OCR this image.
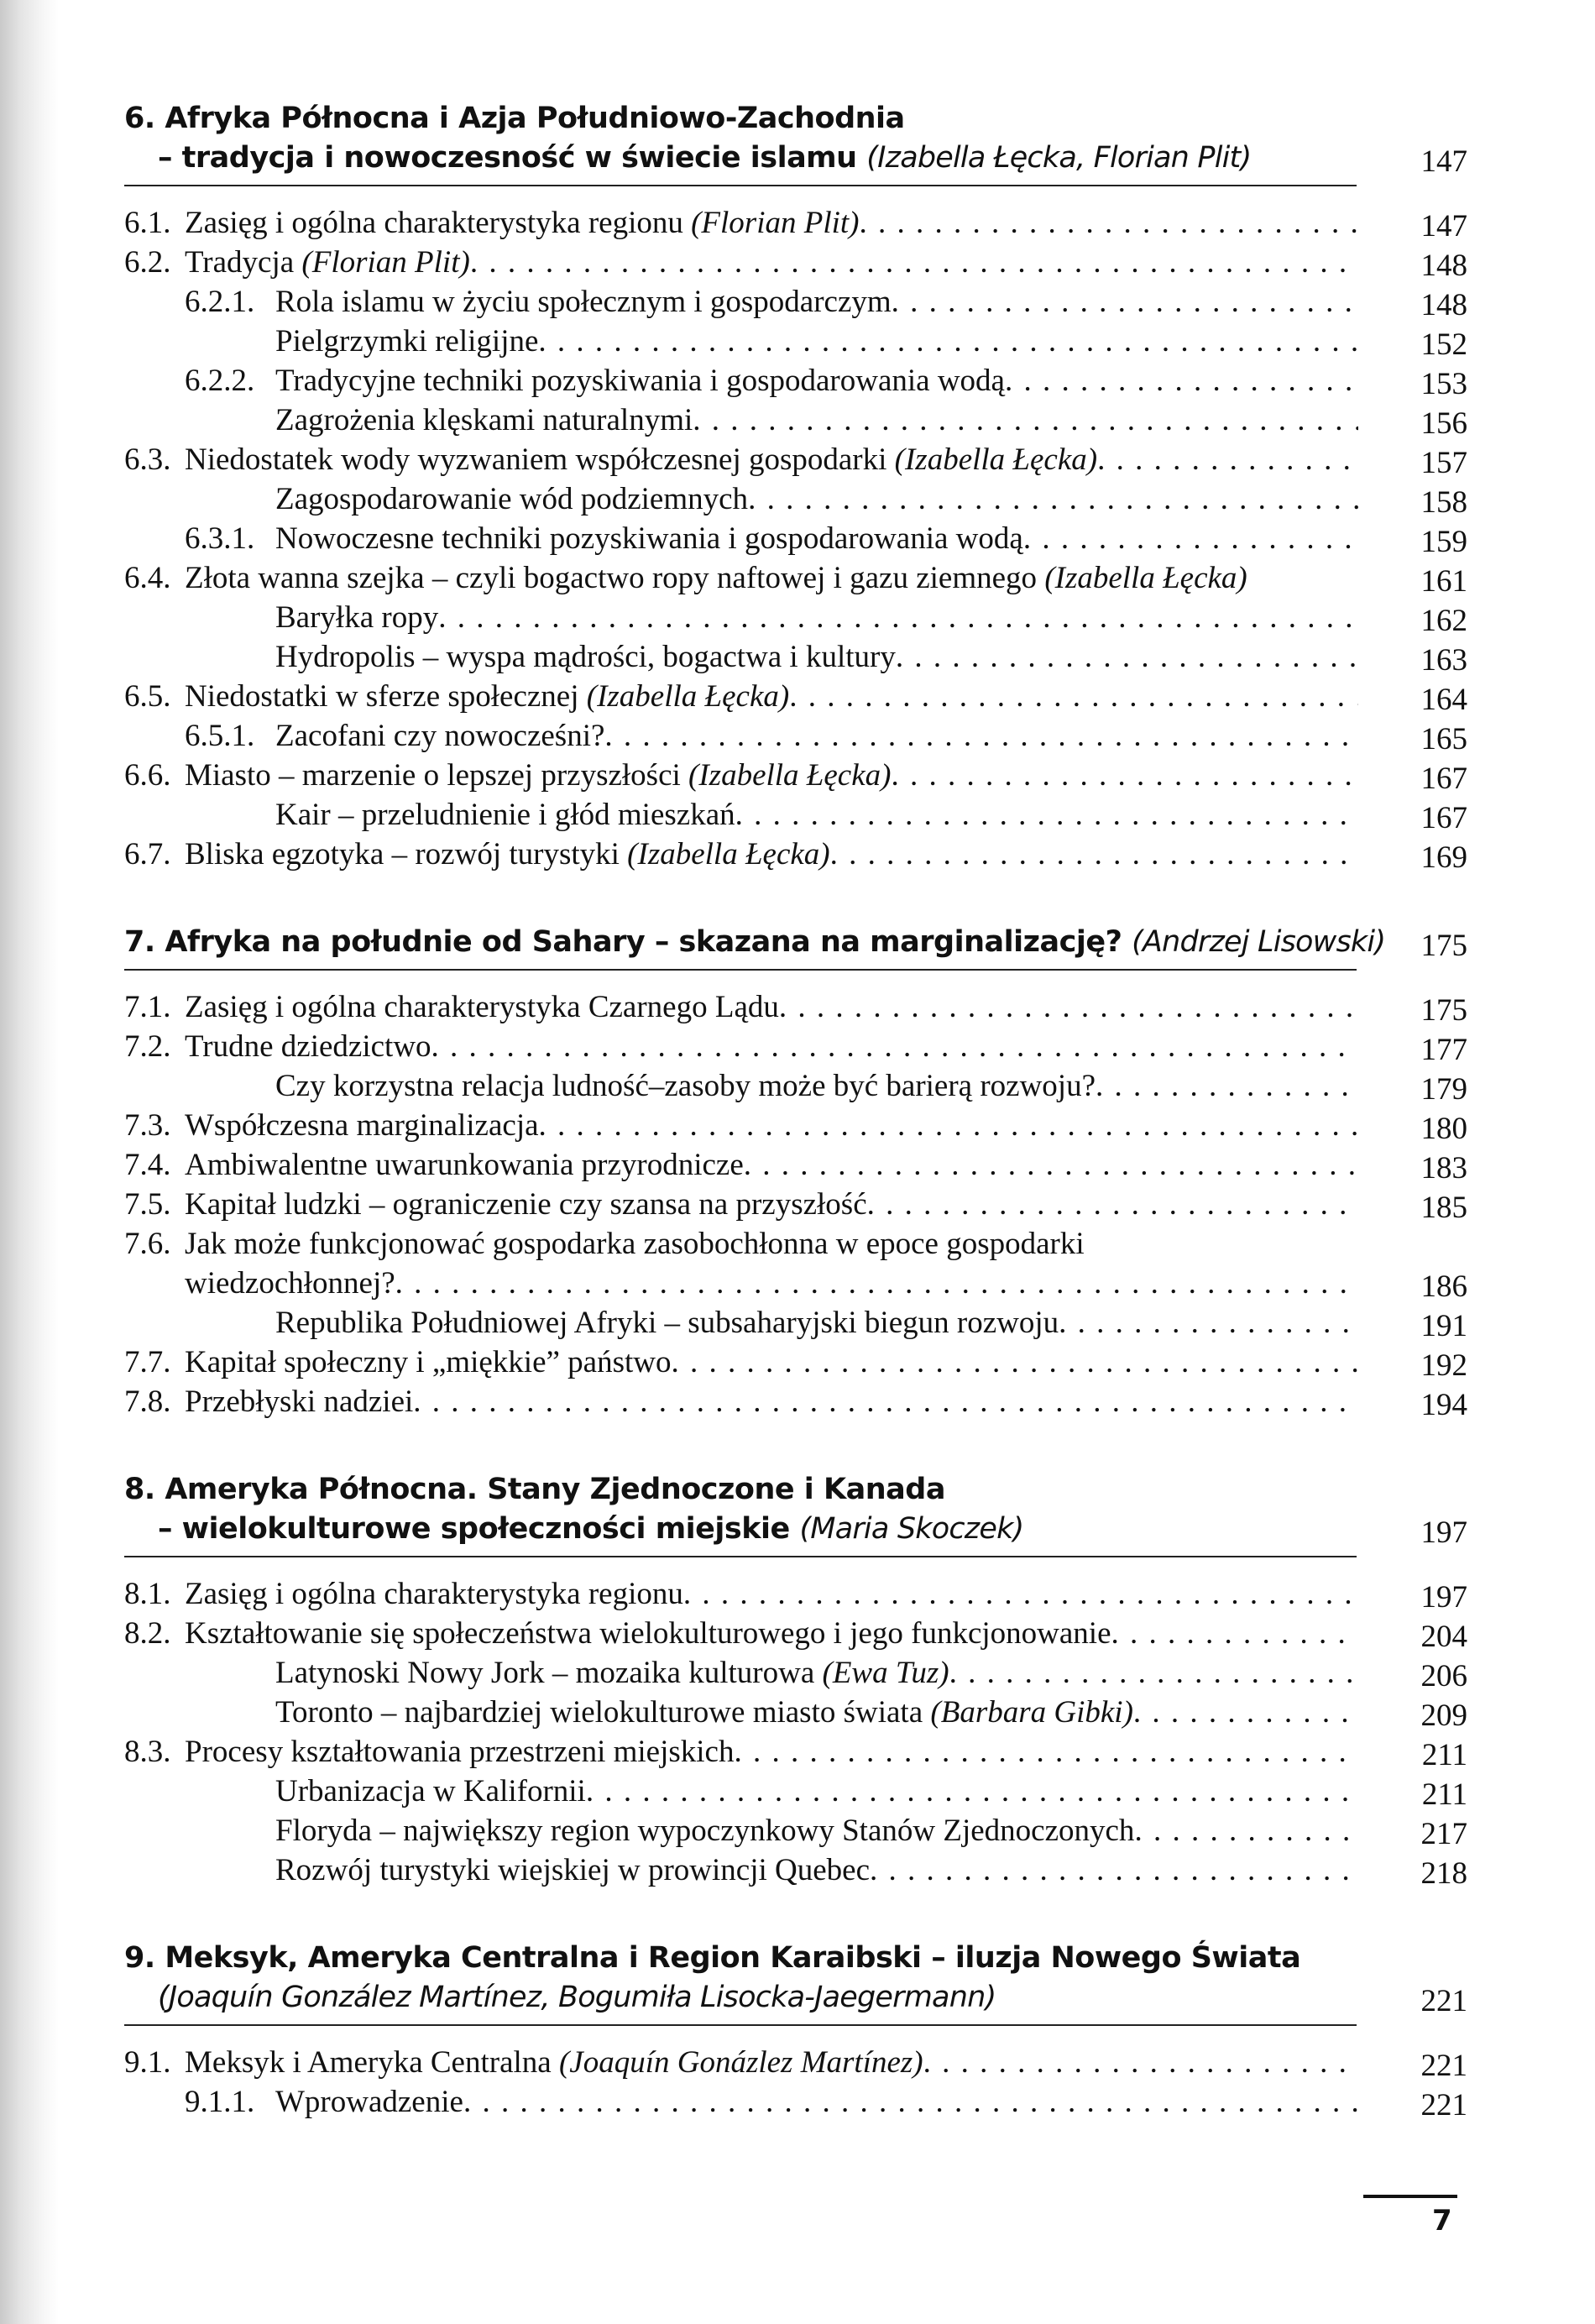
6. Afryka Północna i Azja Południowo-Zachodnia
– tradycja i nowoczesność w świecie islamu (Izabella Łęcka, Florian Plit)	147
6.1. Zasięg i ogólna charakterystyka regionu (Florian Plit) . . .	147
6.2. Tradycja (Florian Plit) . . .	148
6.2.1. Rola islamu w życiu społecznym i gospodarczym . . .	148
Pielgrzymki religijne . . .	152
6.2.2. Tradycyjne techniki pozyskiwania i gospodarowania wodą . . .	153
Zagrożenia klęskami naturalnymi . . .	156
6.3. Niedostatek wody wyzwaniem współczesnej gospodarki (Izabella Łęcka) . . .	157
Zagospodarowanie wód podziemnych . . .	158
6.3.1. Nowoczesne techniki pozyskiwania i gospodarowania wodą . . .	159
6.4. Złota wanna szejka – czyli bogactwo ropy naftowej i gazu ziemnego (Izabella Łęcka)	161
Baryłka ropy . . .	162
Hydropolis – wyspa mądrości, bogactwa i kultury . . .	163
6.5. Niedostatki w sferze społecznej (Izabella Łęcka) . . .	164
6.5.1. Zacofani czy nowocześni? . . .	165
6.6. Miasto – marzenie o lepszej przyszłości (Izabella Łęcka) . . .	167
Kair – przeludnienie i głód mieszkań . . .	167
6.7. Bliska egzotyka – rozwój turystyki (Izabella Łęcka) . . .	169
7. Afryka na południe od Sahary – skazana na marginalizację? (Andrzej Lisowski) 175
7.1. Zasięg i ogólna charakterystyka Czarnego Lądu . . .	175
7.2. Trudne dziedzictwo . . .	177
Czy korzystna relacja ludność–zasoby może być barierą rozwoju? . . .	179
7.3. Współczesna marginalizacja . . .	180
7.4. Ambiwalentne uwarunkowania przyrodnicze . . .	183
7.5. Kapitał ludzki – ograniczenie czy szansa na przyszłość . . .	185
7.6. Jak może funkcjonować gospodarka zasobochłonna w epoce gospodarki
wiedzochłonnej? . . .	186
Republika Południowej Afryki – subsaharyjski biegun rozwoju . . .	191
7.7. Kapitał społeczny i „miękkie” państwo . . .	192
7.8. Przebłyski nadziei . . .	194
8. Ameryka Północna. Stany Zjednoczone i Kanada
– wielokulturowe społeczności miejskie (Maria Skoczek)	197
8.1. Zasięg i ogólna charakterystyka regionu . . .	197
8.2. Kształtowanie się społeczeństwa wielokulturowego i jego funkcjonowanie . . .	204
Latynoski Nowy Jork – mozaika kulturowa (Ewa Tuz) . . .	206
Toronto – najbardziej wielokulturowe miasto świata (Barbara Gibki) . . .	209
8.3. Procesy kształtowania przestrzeni miejskich . . .	211
Urbanizacja w Kalifornii . . .	211
Floryda – największy region wypoczynkowy Stanów Zjednoczonych . . .	217
Rozwój turystyki wiejskiej w prowincji Quebec . . .	218
9. Meksyk, Ameryka Centralna i Region Karaibski – iluzja Nowego Świata
(Joaquín González Martínez, Bogumiła Lisocka-Jaegermann)	221
9.1. Meksyk i Ameryka Centralna (Joaquín Gonázlez Martínez) . . .	221
9.1.1. Wprowadzenie . . .	221
7
